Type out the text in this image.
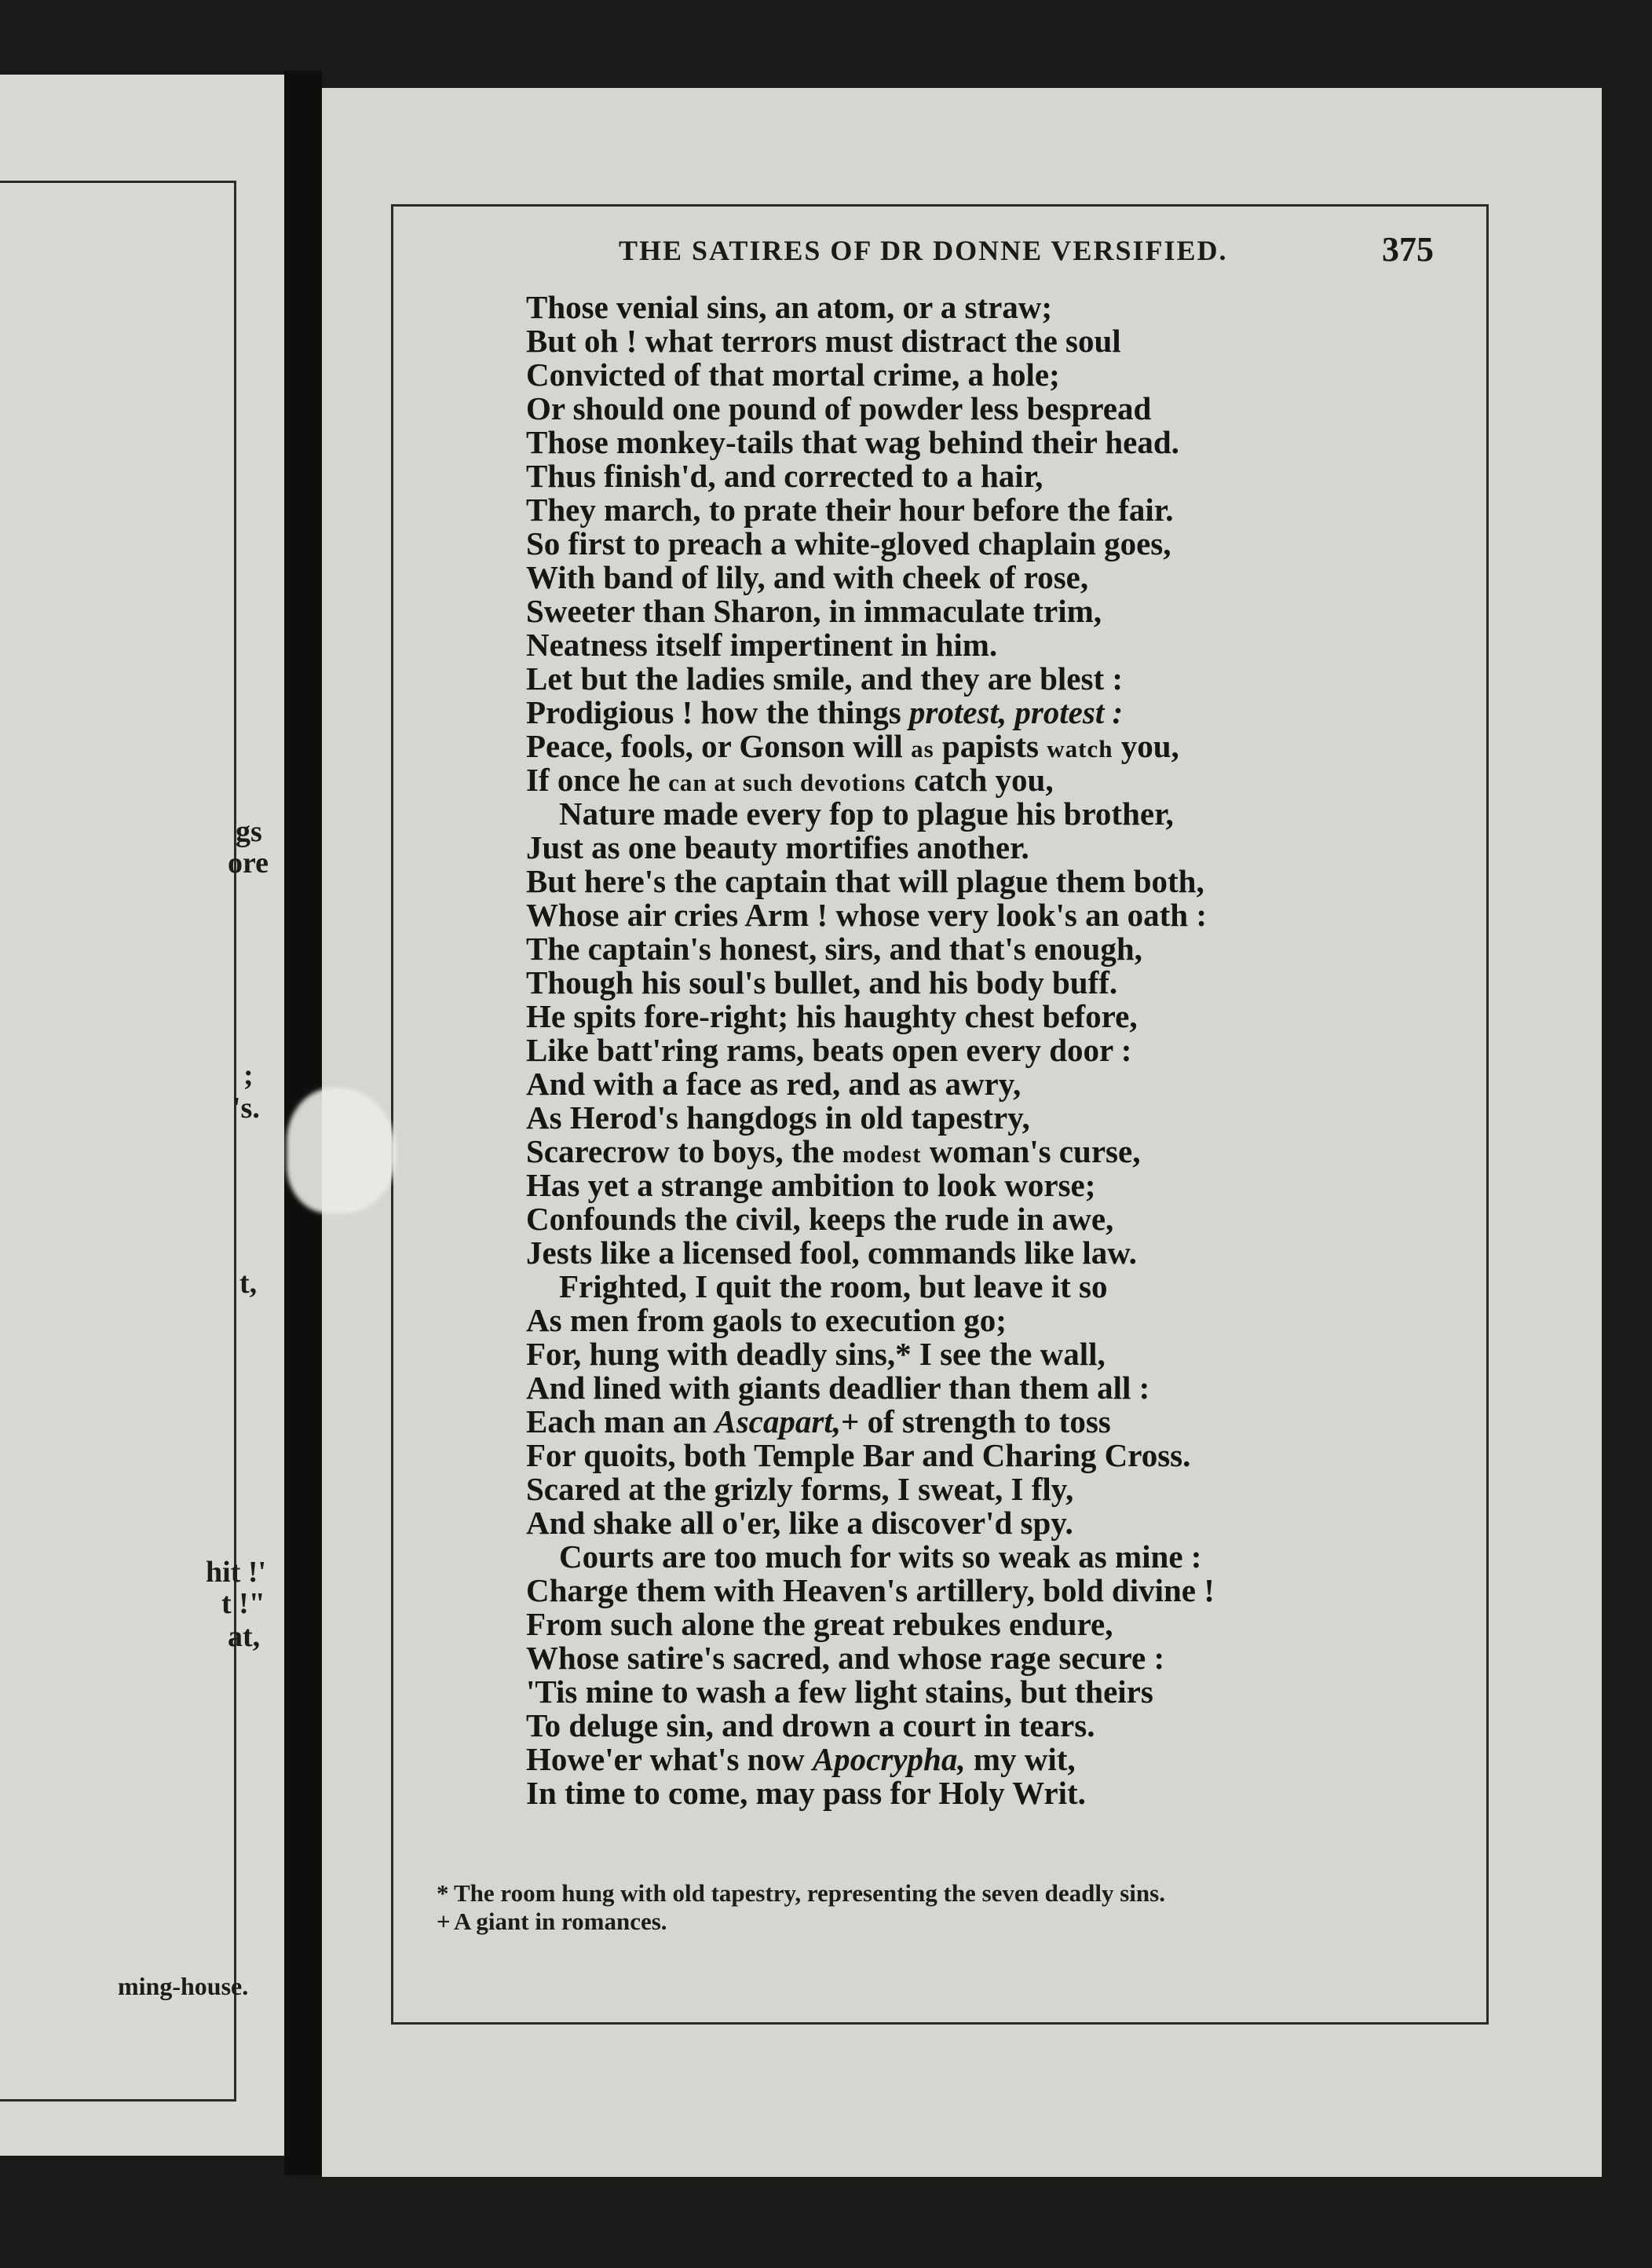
gs
ore
;
's.
t,
hit !'
t !"
at,
ming-house.
THE SATIRES OF DR DONNE VERSIFIED.	375
Those venial sins, an atom, or a straw;
But oh ! what terrors must distract the soul
Convicted of that mortal crime, a hole;
Or should one pound of powder less bespread
Those monkey-tails that wag behind their head.
Thus finish'd, and corrected to a hair,
They march, to prate their hour before the fair.
So first to preach a white-gloved chaplain goes,
With band of lily, and with cheek of rose,
Sweeter than Sharon, in immaculate trim,
Neatness itself impertinent in him.
Let but the ladies smile, and they are blest :
Prodigious ! how the things protest, protest :
Peace, fools, or Gonson will as papists watch you,
If once he can at such devotions catch you,
Nature made every fop to plague his brother,
Just as one beauty mortifies another.
But here's the captain that will plague them both,
Whose air cries Arm ! whose very look's an oath :
The captain's honest, sirs, and that's enough,
Though his soul's bullet, and his body buff.
He spits fore-right; his haughty chest before,
Like batt'ring rams, beats open every door :
And with a face as red, and as awry,
As Herod's hangdogs in old tapestry,
Scarecrow to boys, the modest woman's curse,
Has yet a strange ambition to look worse;
Confounds the civil, keeps the rude in awe,
Jests like a licensed fool, commands like law.
Frighted, I quit the room, but leave it so
As men from gaols to execution go;
For, hung with deadly sins,* I see the wall,
And lined with giants deadlier than them all :
Each man an Ascapart,+ of strength to toss
For quoits, both Temple Bar and Charing Cross.
Scared at the grizly forms, I sweat, I fly,
And shake all o'er, like a discover'd spy.
Courts are too much for wits so weak as mine :
Charge them with Heaven's artillery, bold divine !
From such alone the great rebukes endure,
Whose satire's sacred, and whose rage secure :
'Tis mine to wash a few light stains, but theirs
To deluge sin, and drown a court in tears.
Howe'er what's now Apocrypha, my wit,
In time to come, may pass for Holy Writ.
* The room hung with old tapestry, representing the seven deadly sins.
+ A giant in romances.
